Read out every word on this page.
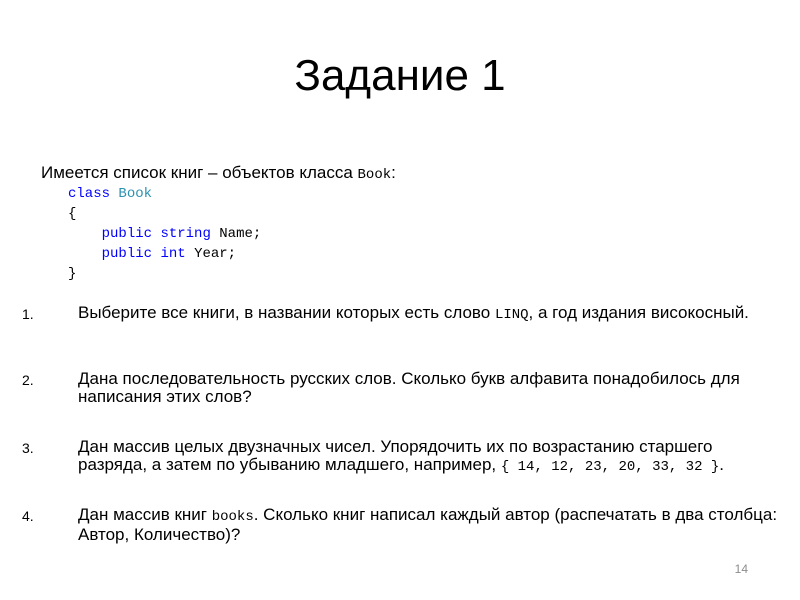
Задание 1
Имеется список книг – объектов класса Book:
class Book
{
public string Name;
public int Year;
}
1.	Выберите все книги, в названии которых есть слово LINQ, а год издания високосный.
2.	Дана последовательность русских слов. Сколько букв алфавита понадобилось для написания этих слов?
3.	Дан массив целых двузначных чисел. Упорядочить их по возрастанию старшего разряда, а затем по убыванию младшего, например, { 14, 12, 23, 20, 33, 32 }.
4.	Дан массив книг books. Сколько книг написал каждый автор (распечатать в два столбца: Автор, Количество)?
14
